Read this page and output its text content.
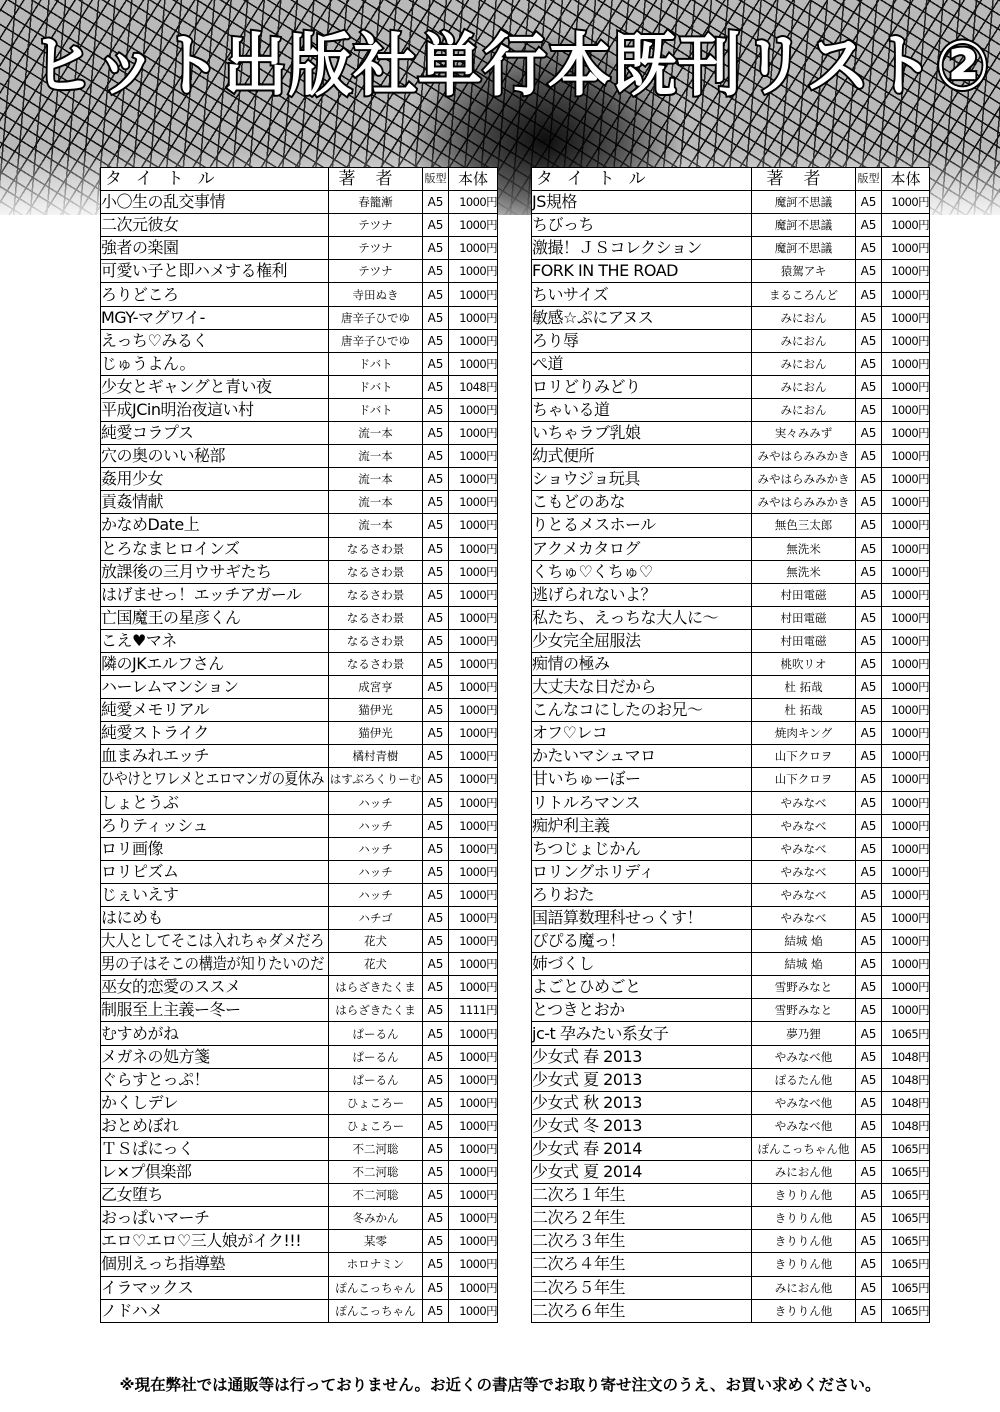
ヒット出版社単行本既刊リスト②
タイトル	著者	版型	本体
小〇生の乱交事情	春籠漸	A5	1000円
二次元彼女	テツナ	A5	1000円
強者の楽園	テツナ	A5	1000円
可愛い子と即ハメする権利	テツナ	A5	1000円
ろりどころ	寺田ぬき	A5	1000円
MGY-マグワイ-	唐辛子ひでゆ	A5	1000円
えっち♡みるく	唐辛子ひでゆ	A5	1000円
じゅうよん。	ドバト	A5	1000円
少女とギャングと青い夜	ドバト	A5	1048円
平成JCin明治夜這い村	ドバト	A5	1000円
純愛コラプス	流一本	A5	1000円
穴の奥のいい秘部	流一本	A5	1000円
姦用少女	流一本	A5	1000円
貢姦情献	流一本	A5	1000円
かなめDate上	流一本	A5	1000円
とろなまヒロインズ	なるさわ景	A5	1000円
放課後の三月ウサギたち	なるさわ景	A5	1000円
はげませっ！エッチアガール	なるさわ景	A5	1000円
亡国魔王の星彦くん	なるさわ景	A5	1000円
こえ♥マネ	なるさわ景	A5	1000円
隣のJKエルフさん	なるさわ景	A5	1000円
ハーレムマンション	成宮亨	A5	1000円
純愛メモリアル	猫伊光	A5	1000円
純愛ストライク	猫伊光	A5	1000円
血まみれエッチ	橘村青樹	A5	1000円
ひやけとワレメとエロマンガの夏休み	はすぶろくりーむ	A5	1000円
しょとうぶ	ハッチ	A5	1000円
ろりティッシュ	ハッチ	A5	1000円
ロリ画像	ハッチ	A5	1000円
ロリピズム	ハッチ	A5	1000円
じぇいえす	ハッチ	A5	1000円
はにめも	ハチゴ	A5	1000円
大人としてそこは入れちゃダメだろ	花犬	A5	1000円
男の子はそこの構造が知りたいのだ	花犬	A5	1000円
巫女的恋愛のススメ	はらざきたくま	A5	1000円
制服至上主義ー冬ー	はらざきたくま	A5	1111円
むすめがね	ぱーるん	A5	1000円
メガネの処方箋	ぱーるん	A5	1000円
ぐらすとっぷ！	ぱーるん	A5	1000円
かくしデレ	ひょころー	A5	1000円
おとめぼれ	ひょころー	A5	1000円
ＴＳぱにっく	不二河聡	A5	1000円
レ×プ倶楽部	不二河聡	A5	1000円
乙女堕ち	不二河聡	A5	1000円
おっぱいマーチ	冬みかん	A5	1000円
エロ♡エロ♡三人娘がイク!!!	某零	A5	1000円
個別えっち指導塾	ホロナミン	A5	1000円
イラマックス	ぽんこっちゃん	A5	1000円
ノドハメ	ぽんこっちゃん	A5	1000円
タイトル	著者	版型	本体
JS規格	魔訶不思議	A5	1000円
ちびっち	魔訶不思議	A5	1000円
激撮！ＪＳコレクション	魔訶不思議	A5	1000円
FORK IN THE ROAD	猿駕アキ	A5	1000円
ちいサイズ	まるころんど	A5	1000円
敏感☆ぷにアヌス	みにおん	A5	1000円
ろり辱	みにおん	A5	1000円
ぺ道	みにおん	A5	1000円
ロリどりみどり	みにおん	A5	1000円
ちゃいる道	みにおん	A5	1000円
いちゃラブ乳娘	実々みみず	A5	1000円
幼式便所	みやはらみみかき	A5	1000円
ショウジョ玩具	みやはらみみかき	A5	1000円
こもどのあな	みやはらみみかき	A5	1000円
りとるメスホール	無色三太郎	A5	1000円
アクメカタログ	無洗米	A5	1000円
くちゅ♡くちゅ♡	無洗米	A5	1000円
逃げられないよ？	村田電磁	A5	1000円
私たち、えっちな大人に～	村田電磁	A5	1000円
少女完全屈服法	村田電磁	A5	1000円
痴情の極み	桃吹リオ	A5	1000円
大丈夫な日だから	杜 拓哉	A5	1000円
こんなコにしたのお兄～	杜 拓哉	A5	1000円
オフ♡レコ	焼肉キング	A5	1000円
かたいマシュマロ	山下クロヲ	A5	1000円
甘いちゅーぼー	山下クロヲ	A5	1000円
リトルろマンス	やみなべ	A5	1000円
痴炉利主義	やみなべ	A5	1000円
ちつじょじかん	やみなべ	A5	1000円
ロリングホリディ	やみなべ	A5	1000円
ろりおた	やみなべ	A5	1000円
国語算数理科せっくす！	やみなべ	A5	1000円
ぴぴる魔っ！	結城 焔	A5	1000円
姉づくし	結城 焔	A5	1000円
よごとひめごと	雪野みなと	A5	1000円
とつきとおか	雪野みなと	A5	1000円
jc-t 孕みたい系女子	夢乃狸	A5	1065円
少女式 春 2013	やみなべ他	A5	1048円
少女式 夏 2013	ぽるたん他	A5	1048円
少女式 秋 2013	やみなべ他	A5	1048円
少女式 冬 2013	やみなべ他	A5	1048円
少女式 春 2014	ぽんこっちゃん他	A5	1065円
少女式 夏 2014	みにおん他	A5	1065円
二次ろ１年生	きりりん他	A5	1065円
二次ろ２年生	きりりん他	A5	1065円
二次ろ３年生	きりりん他	A5	1065円
二次ろ４年生	きりりん他	A5	1065円
二次ろ５年生	みにおん他	A5	1065円
二次ろ６年生	きりりん他	A5	1065円
※現在弊社では通販等は行っておりません。お近くの書店等でお取り寄せ注文のうえ、お買い求めください。
